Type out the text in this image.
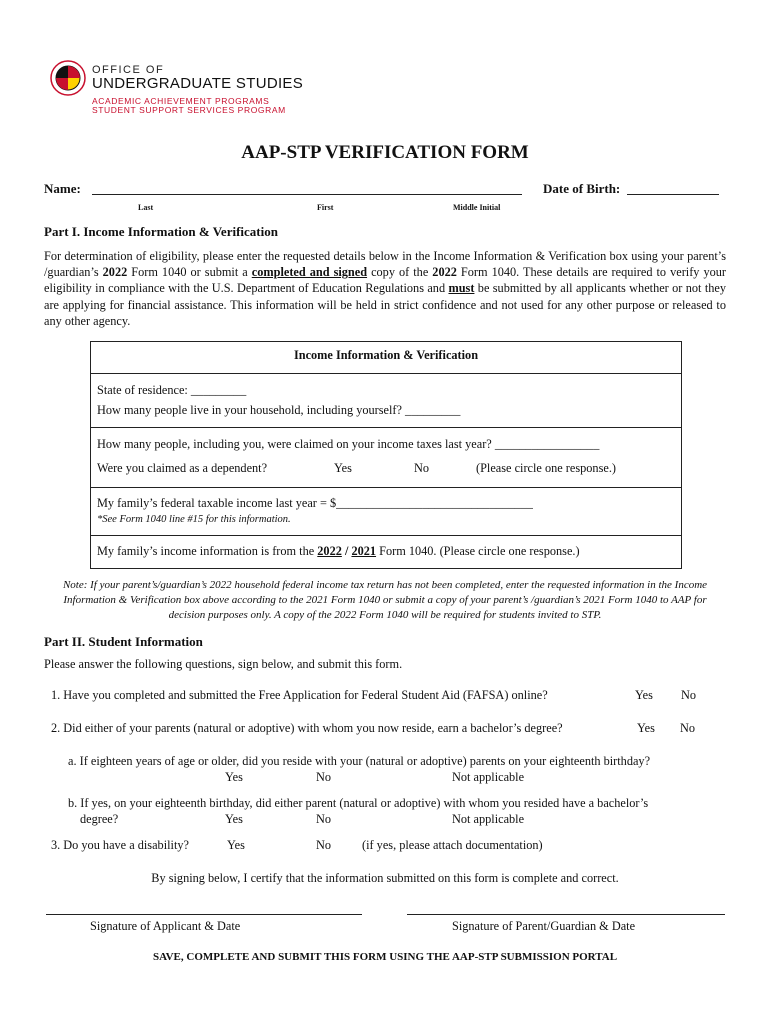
OFFICE OF
UNDERGRADUATE STUDIES
ACADEMIC ACHIEVEMENT PROGRAMS
STUDENT SUPPORT SERVICES PROGRAM
AAP-STP VERIFICATION FORM
Name:	Date of Birth:
Last	First	Middle Initial
Part I. Income Information & Verification
For determination of eligibility, please enter the requested details below in the Income Information & Verification box using your parent’s /guardian’s 2022 Form 1040 or submit a completed and signed copy of the 2022 Form 1040. These details are required to verify your eligibility in compliance with the U.S. Department of Education Regulations and must be submitted by all applicants whether or not they are applying for financial assistance. This information will be held in strict confidence and not used for any other purpose or released to any other agency.
Income Information & Verification
State of residence: _________
How many people live in your household, including yourself? _________
How many people, including you, were claimed on your income taxes last year? _________________
Were you claimed as a dependent?	Yes	No	(Please circle one response.)
My family’s federal taxable income last year = $________________________________
*See Form 1040 line #15 for this information.
My family’s income information is from the 2022 / 2021 Form 1040. (Please circle one response.)
Note: If your parent’s/guardian’s 2022 household federal income tax return has not been completed, enter the requested information in the Income Information & Verification box above according to the 2021 Form 1040 or submit a copy of your parent’s /guardian’s 2021 Form 1040 to AAP for decision purposes only. A copy of the 2022 Form 1040 will be required for students invited to STP.
Part II. Student Information
Please answer the following questions, sign below, and submit this form.
1. Have you completed and submitted the Free Application for Federal Student Aid (FAFSA) online?	Yes No
2. Did either of your parents (natural or adoptive) with whom you now reside, earn a bachelor’s degree?	Yes No
a. If eighteen years of age or older, did you reside with your (natural or adoptive) parents on your eighteenth birthday?
Yes	No	Not applicable
b. If yes, on your eighteenth birthday, did either parent (natural or adoptive) with whom you resided have a bachelor’s
degree?	Yes	No	Not applicable
3. Do you have a disability?	Yes	No	(if yes, please attach documentation)
By signing below, I certify that the information submitted on this form is complete and correct.
Signature of Applicant & Date	Signature of Parent/Guardian & Date
SAVE, COMPLETE AND SUBMIT THIS FORM USING THE AAP-STP SUBMISSION PORTAL
